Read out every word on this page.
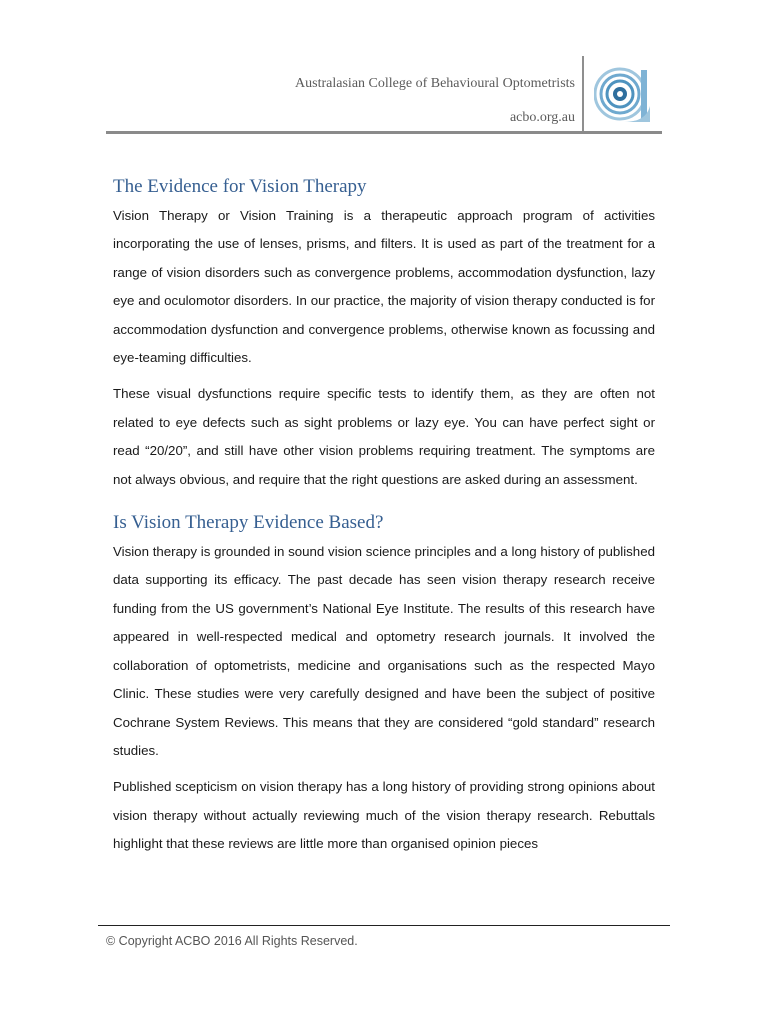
Australasian College of Behavioural Optometrists
acbo.org.au
The Evidence for Vision Therapy

Vision Therapy or Vision Training is a therapeutic approach program of activities incorporating the use of lenses, prisms, and filters. It is used as part of the treatment for a range of vision disorders such as convergence problems, accommodation dysfunction, lazy eye and oculomotor disorders. In our practice, the majority of vision therapy conducted is for accommodation dysfunction and convergence problems, otherwise known as focussing and eye-teaming difficulties.

These visual dysfunctions require specific tests to identify them, as they are often not related to eye defects such as sight problems or lazy eye. You can have perfect sight or read “20/20”, and still have other vision problems requiring treatment. The symptoms are not always obvious, and require that the right questions are asked during an assessment.

Is Vision Therapy Evidence Based?

Vision therapy is grounded in sound vision science principles and a long history of published data supporting its efficacy. The past decade has seen vision therapy research receive funding from the US government’s National Eye Institute. The results of this research have appeared in well-respected medical and optometry research journals. It involved the collaboration of optometrists, medicine and organisations such as the respected Mayo Clinic. These studies were very carefully designed and have been the subject of positive Cochrane System Reviews. This means that they are considered “gold standard” research studies.

Published scepticism on vision therapy has a long history of providing strong opinions about vision therapy without actually reviewing much of the vision therapy research. Rebuttals highlight that these reviews are little more than organised opinion pieces

© Copyright ACBO 2016 All Rights Reserved.
